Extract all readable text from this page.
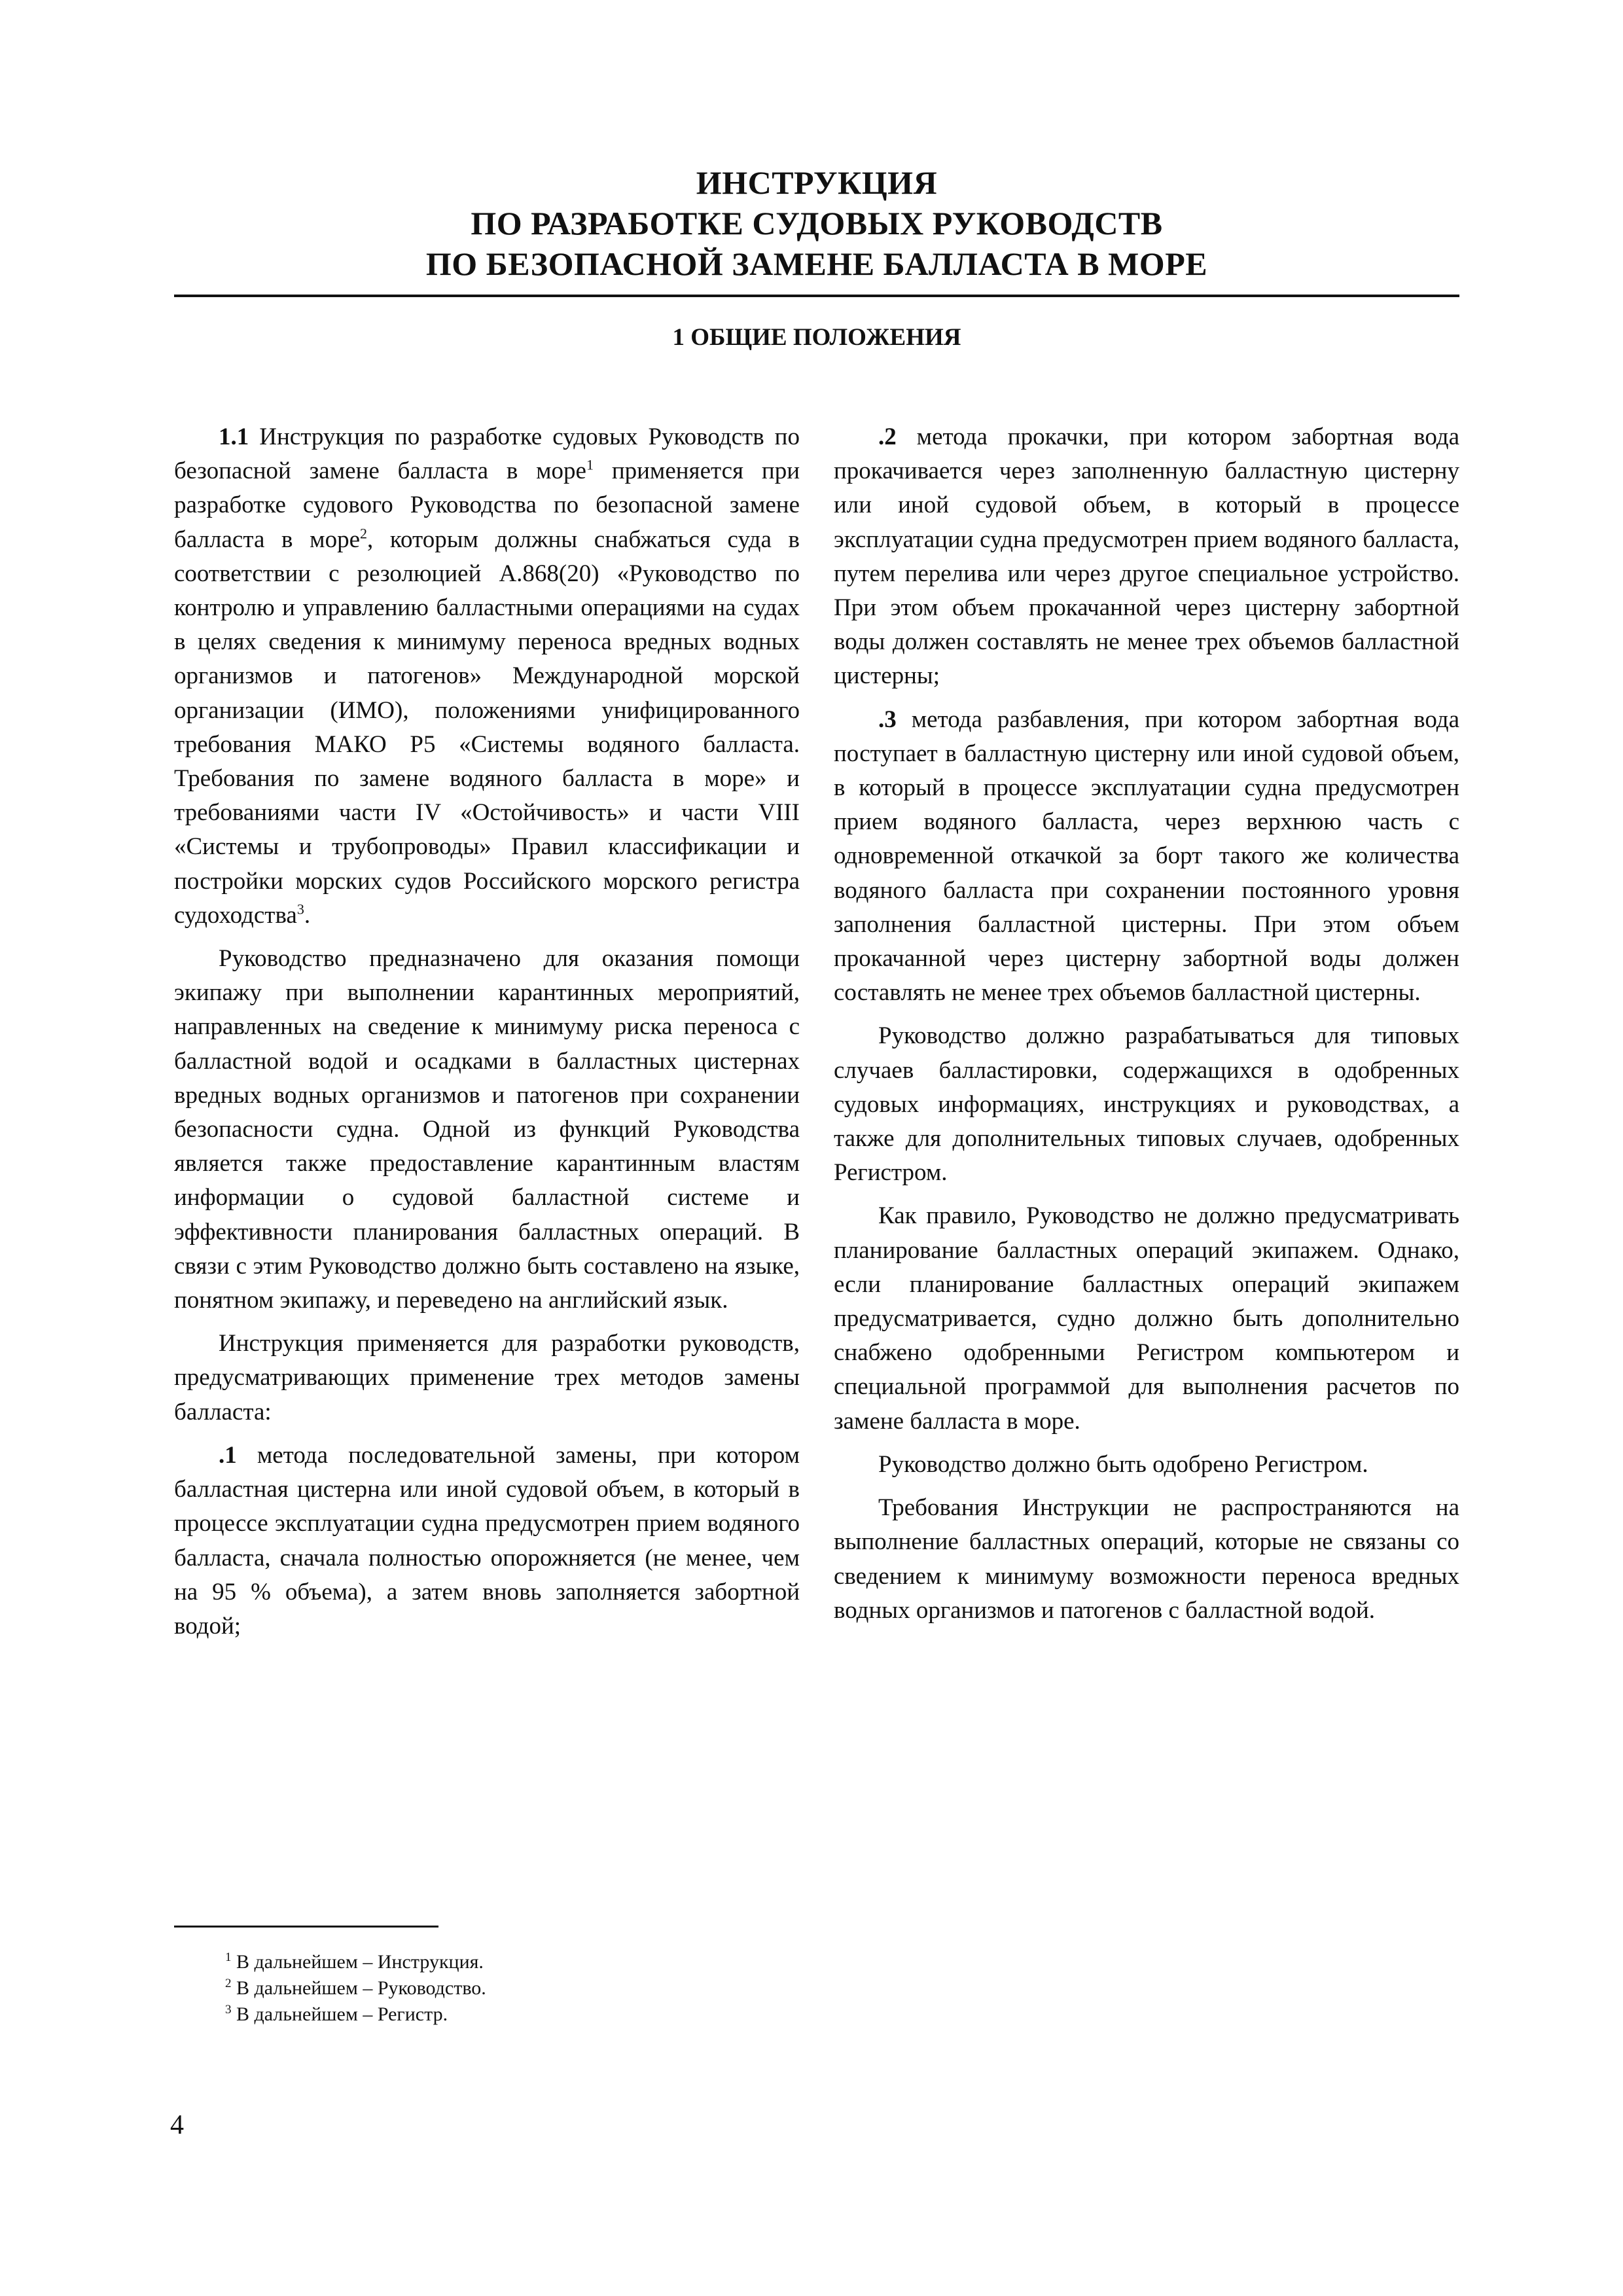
ИНСТРУКЦИЯ
ПО РАЗРАБОТКЕ СУДОВЫХ РУКОВОДСТВ
ПО БЕЗОПАСНОЙ ЗАМЕНЕ БАЛЛАСТА В МОРЕ
1 ОБЩИЕ ПОЛОЖЕНИЯ

1.1 Инструкция по разработке судовых Руководств по безопасной замене балласта в море$^1$ применяется при разработке судового Руководства по безопасной замене балласта в море$^2$, которым должны снабжаться суда в соответствии с резолюцией А.868(20) «Руководство по контролю и управлению балластными операциями на судах в целях сведения к минимуму переноса вредных водных организмов и патогенов» Международной морской организации (ИМО), положениями унифицированного требования МАКО Р5 «Системы водяного балласта. Требования по замене водяного балласта в море» и требованиями части IV «Остойчивость» и части VIII «Системы и трубопроводы» Правил классификации и постройки морских судов Российского морского регистра судоходства$^3$.

Руководство предназначено для оказания помощи экипажу при выполнении карантинных мероприятий, направленных на сведение к минимуму риска переноса с балластной водой и осадками в балластных цистернах вредных водных организмов и патогенов при сохранении безопасности судна. Одной из функций Руководства является также предоставление карантинным властям информации о судовой балластной системе и эффективности планирования балластных операций. В связи с этим Руководство должно быть составлено на языке, понятном экипажу, и переведено на английский язык.

Инструкция применяется для разработки руководств, предусматривающих применение трех методов замены балласта:

.1 метода последовательной замены, при котором балластная цистерна или иной судовой объем, в который в процессе эксплуатации судна предусмотрен прием водяного балласта, сначала полностью опорожняется (не менее, чем на 95 % объема), а затем вновь заполняется забортной водой;

.2 метода прокачки, при котором забортная вода прокачивается через заполненную балластную цистерну или иной судовой объем, в который в процессе эксплуатации судна предусмотрен прием водяного балласта, путем перелива или через другое специальное устройство. При этом объем прокачанной через цистерну забортной воды должен составлять не менее трех объемов балластной цистерны;

.3 метода разбавления, при котором забортная вода поступает в балластную цистерну или иной судовой объем, в который в процессе эксплуатации судна предусмотрен прием водяного балласта, через верхнюю часть с одновременной откачкой за борт такого же количества водяного балласта при сохранении постоянного уровня заполнения балластной цистерны. При этом объем прокачанной через цистерну забортной воды должен составлять не менее трех объемов балластной цистерны.

Руководство должно разрабатываться для типовых случаев балластировки, содержащихся в одобренных судовых информациях, инструкциях и руководствах, а также для дополнительных типовых случаев, одобренных Регистром.

Как правило, Руководство не должно предусматривать планирование балластных операций экипажем. Однако, если планирование балластных операций экипажем предусматривается, судно должно быть дополнительно снабжено одобренными Регистром компьютером и специальной программой для выполнения расчетов по замене балласта в море.

Руководство должно быть одобрено Регистром.

Требования Инструкции не распространяются на выполнение балластных операций, которые не связаны со сведением к минимуму возможности переноса вредных водных организмов и патогенов с балластной водой.

$^1$ В дальнейшем – Инструкция.
$^2$ В дальнейшем – Руководство.
$^3$ В дальнейшем – Регистр.
4
